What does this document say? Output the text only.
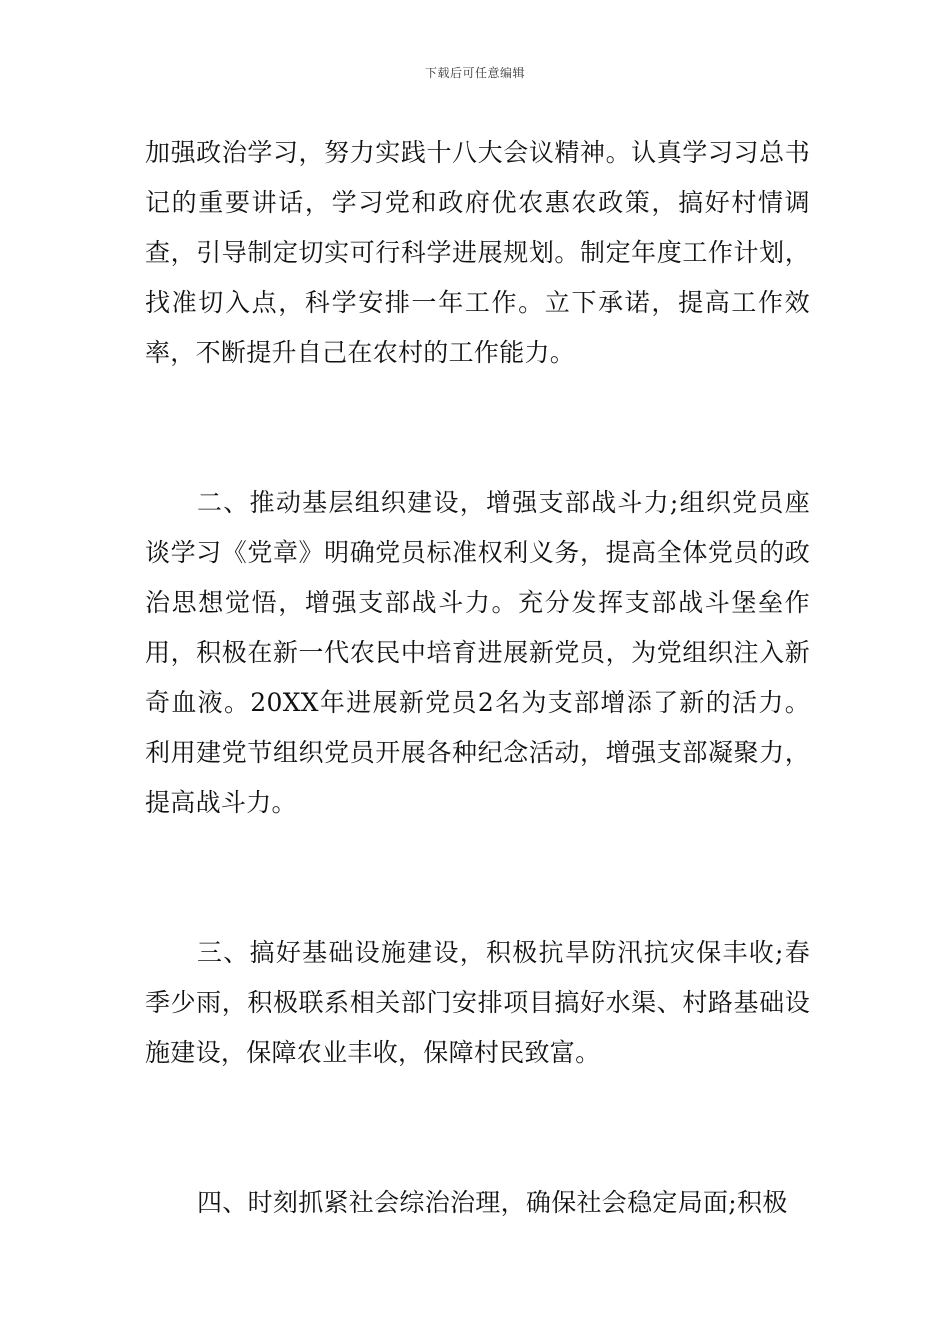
下载后可任意编辑

加强政治学习，努力实践十八大会议精神。认真学习习总书记的重要讲话，学习党和政府优农惠农政策，搞好村情调查，引导制定切实可行科学进展规划。制定年度工作计划，找准切入点，科学安排一年工作。立下承诺，提高工作效率，不断提升自己在农村的工作能力。

二、推动基层组织建设，增强支部战斗力;组织党员座谈学习《党章》明确党员标准权利义务，提高全体党员的政治思想觉悟，增强支部战斗力。充分发挥支部战斗堡垒作用，积极在新一代农民中培育进展新党员，为党组织注入新奇血液。20XX年进展新党员2名为支部增添了新的活力。利用建党节组织党员开展各种纪念活动，增强支部凝聚力，提高战斗力。

三、搞好基础设施建设，积极抗旱防汛抗灾保丰收;春季少雨，积极联系相关部门安排项目搞好水渠、村路基础设施建设，保障农业丰收，保障村民致富。

四、时刻抓紧社会综治治理，确保社会稳定局面;积极
